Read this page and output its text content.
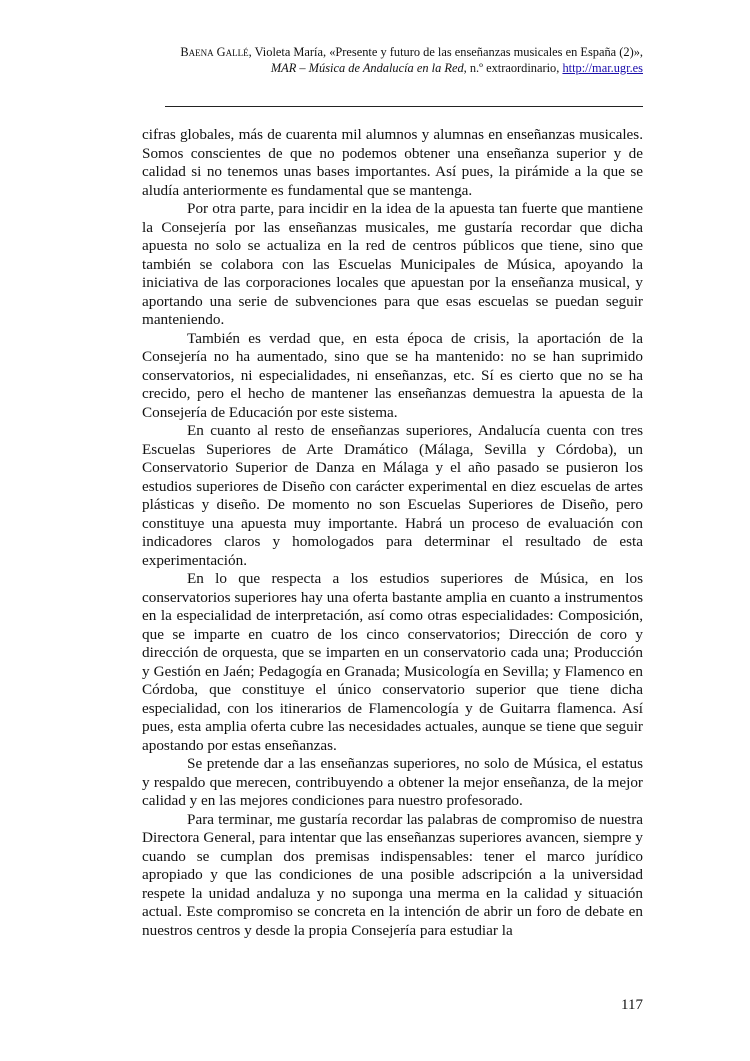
Baena Gallé, Violeta María, «Presente y futuro de las enseñanzas musicales en España (2)»,
MAR – Música de Andalucía en la Red, n.º extraordinario, http://mar.ugr.es

cifras globales, más de cuarenta mil alumnos y alumnas en enseñanzas musicales. Somos conscientes de que no podemos obtener una enseñanza superior y de calidad si no tenemos unas bases importantes. Así pues, la pirámide a la que se aludía anteriormente es fundamental que se mantenga.

Por otra parte, para incidir en la idea de la apuesta tan fuerte que mantiene la Consejería por las enseñanzas musicales, me gustaría recordar que dicha apuesta no solo se actualiza en la red de centros públicos que tiene, sino que también se colabora con las Escuelas Municipales de Música, apoyando la iniciativa de las corporaciones locales que apuestan por la enseñanza musical, y aportando una serie de subvenciones para que esas escuelas se puedan seguir manteniendo.

También es verdad que, en esta época de crisis, la aportación de la Consejería no ha aumentado, sino que se ha mantenido: no se han suprimido conservatorios, ni especialidades, ni enseñanzas, etc. Sí es cierto que no se ha crecido, pero el hecho de mantener las enseñanzas demuestra la apuesta de la Consejería de Educación por este sistema.

En cuanto al resto de enseñanzas superiores, Andalucía cuenta con tres Escuelas Superiores de Arte Dramático (Málaga, Sevilla y Córdoba), un Conservatorio Superior de Danza en Málaga y el año pasado se pusieron los estudios superiores de Diseño con carácter experimental en diez escuelas de artes plásticas y diseño. De momento no son Escuelas Superiores de Diseño, pero constituye una apuesta muy importante. Habrá un proceso de evaluación con indicadores claros y homologados para determinar el resultado de esta experimentación.

En lo que respecta a los estudios superiores de Música, en los conservatorios superiores hay una oferta bastante amplia en cuanto a instrumentos en la especialidad de interpretación, así como otras especialidades: Composición, que se imparte en cuatro de los cinco conservatorios; Dirección de coro y dirección de orquesta, que se imparten en un conservatorio cada una; Producción y Gestión en Jaén; Pedagogía en Granada; Musicología en Sevilla; y Flamenco en Córdoba, que constituye el único conservatorio superior que tiene dicha especialidad, con los itinerarios de Flamencología y de Guitarra flamenca. Así pues, esta amplia oferta cubre las necesidades actuales, aunque se tiene que seguir apostando por estas enseñanzas.

Se pretende dar a las enseñanzas superiores, no solo de Música, el estatus y respaldo que merecen, contribuyendo a obtener la mejor enseñanza, de la mejor calidad y en las mejores condiciones para nuestro profesorado.

Para terminar, me gustaría recordar las palabras de compromiso de nuestra Directora General, para intentar que las enseñanzas superiores avancen, siempre y cuando se cumplan dos premisas indispensables: tener el marco jurídico apropiado y que las condiciones de una posible adscripción a la universidad respete la unidad andaluza y no suponga una merma en la calidad y situación actual. Este compromiso se concreta en la intención de abrir un foro de debate en nuestros centros y desde la propia Consejería para estudiar la

117
